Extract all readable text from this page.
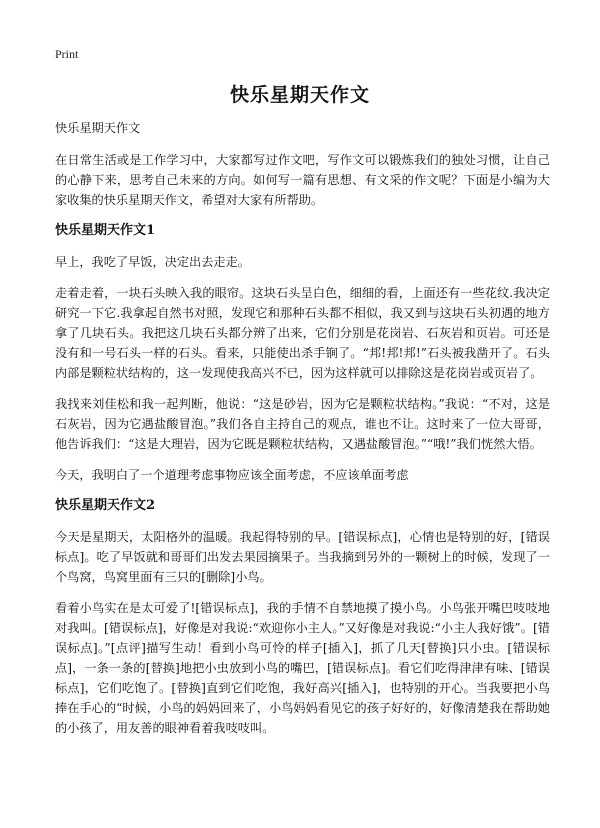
Print
快乐星期天作文

快乐星期天作文

在日常生活或是工作学习中，大家都写过作文吧，写作文可以锻炼我们的独处习惯，让自己的心静下来，思考自己未来的方向。如何写一篇有思想、有文采的作文呢？下面是小编为大家收集的快乐星期天作文，希望对大家有所帮助。

快乐星期天作文1

早上，我吃了早饭，决定出去走走。

走着走着，一块石头映入我的眼帘。这块石头呈白色，细细的看，上面还有一些花纹.我决定研究一下它.我拿起自然书对照，发现它和那种石头都不相似，我又到与这块石头初遇的地方拿了几块石头。我把这几块石头都分辨了出来，它们分别是花岗岩、石灰岩和页岩。可还是没有和一号石头一样的石头。看来，只能使出杀手锏了。“邦!邦!邦!”石头被我凿开了。石头内部是颗粒状结构的，这一发现使我高兴不已，因为这样就可以排除这是花岗岩或页岩了。

我找来刘佳松和我一起判断，他说：“这是砂岩，因为它是颗粒状结构。”我说：“不对，这是石灰岩，因为它遇盐酸冒泡。”我们各自主持自己的观点，谁也不让。这时来了一位大哥哥，他告诉我们：“这是大理岩，因为它既是颗粒状结构，又遇盐酸冒泡。”“哦!”我们恍然大悟。

今天，我明白了一个道理考虑事物应该全面考虑，不应该单面考虑

快乐星期天作文2

今天是星期天，太阳格外的温暖。我起得特别的早。[错误标点]，心情也是特别的好，[错误标点]。吃了早饭就和哥哥们出发去果园摘果子。当我摘到另外的一颗树上的时候，发现了一个鸟窝，鸟窝里面有三只的[删除]小鸟。

看着小鸟实在是太可爱了![错误标点]，我的手情不自禁地摸了摸小鸟。小鸟张开嘴巴吱吱地对我叫。[错误标点]，好像是对我说:“欢迎你小主人。”又好像是对我说:“小主人我好饿”。[错误标点]。”[点评]描写生动！看到小鸟可怜的样子[插入]，抓了几天[替换]只小虫。[错误标点]，一条一条的[替换]地把小虫放到小鸟的嘴巴，[错误标点]。看它们吃得津津有味、[错误标点]，它们吃饱了。[替换]直到它们吃饱，我好高兴[插入]，也特别的开心。当我要把小鸟捧在手心的“时候，小鸟的妈妈回来了，小鸟妈妈看见它的孩子好好的，好像清楚我在帮助她的小孩了，用友善的眼神看着我吱吱叫。
